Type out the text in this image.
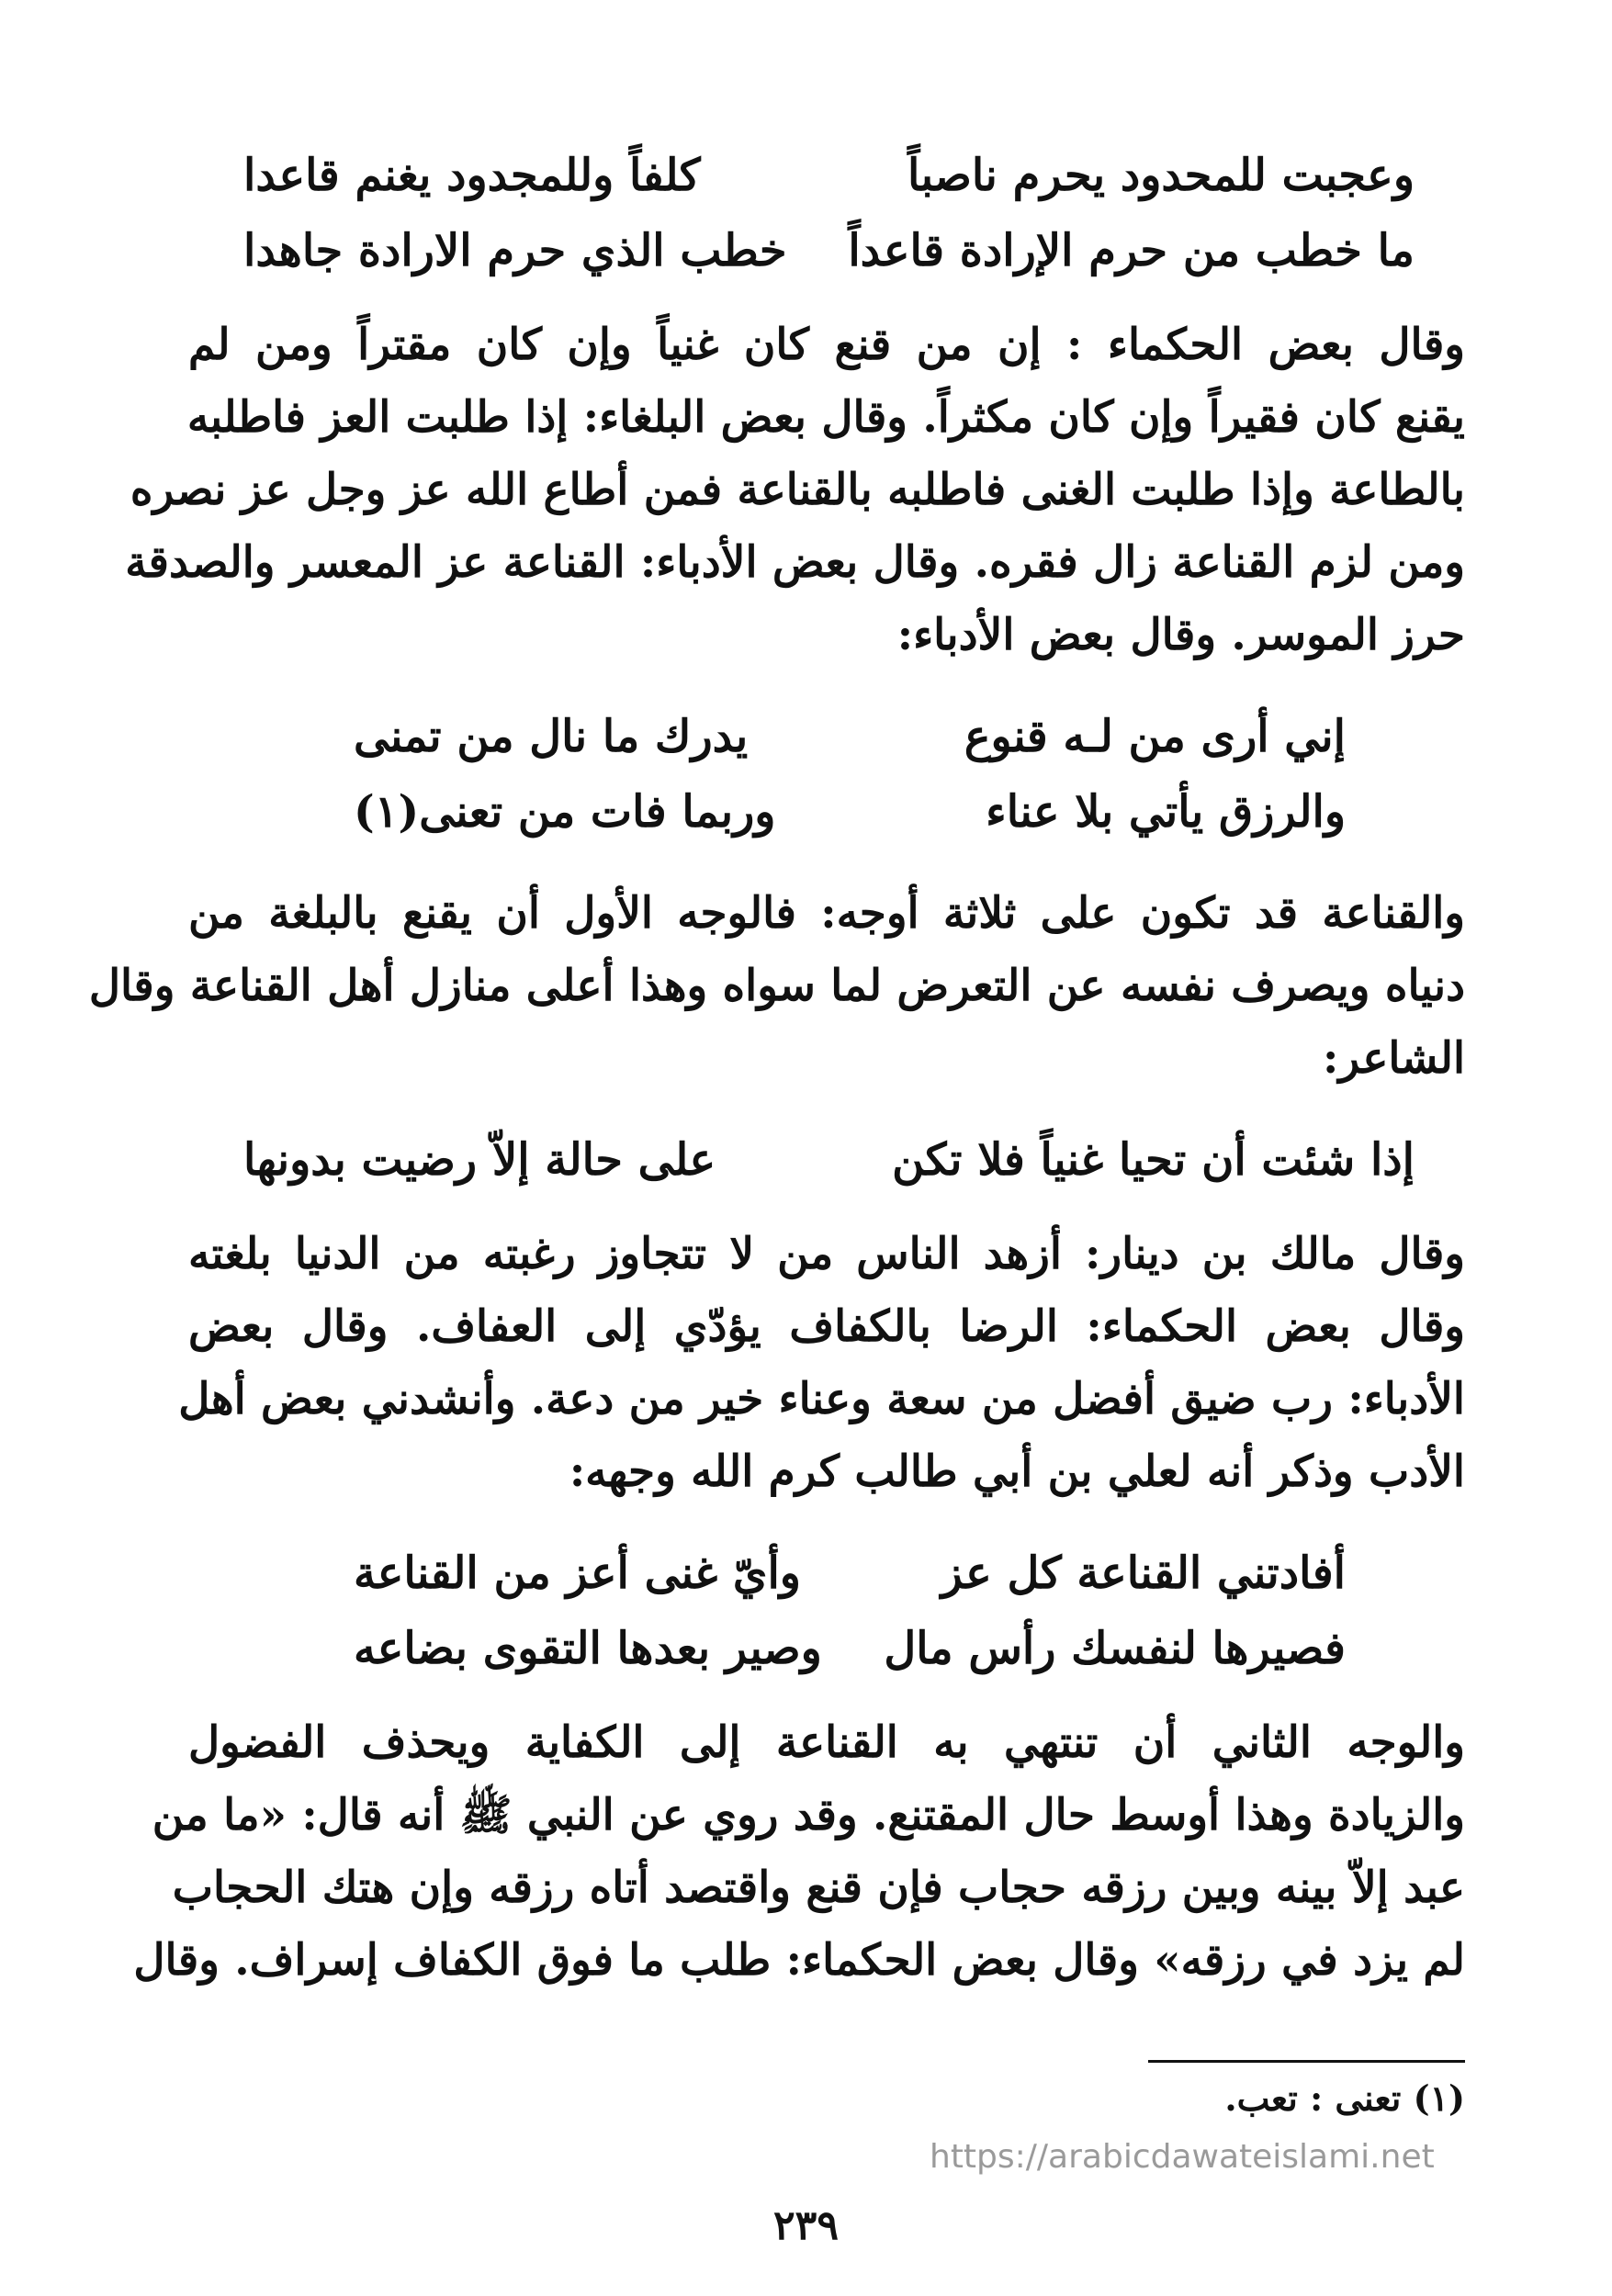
وعجبت للمحدود يحرم ناصباً
كلفاً وللمجدود يغنم قاعدا
ما خطب من حرم الإرادة قاعداً
خطب الذي حرم الارادة جاهدا

وقال بعض الحكماء : إن من قنع كان غنياً وإن كان مقتراً ومن لم
يقنع كان فقيراً وإن كان مكثراً. وقال بعض البلغاء: إذا طلبت العز فاطلبه
بالطاعة وإذا طلبت الغنى فاطلبه بالقناعة فمن أطاع الله عز وجل عز نصره
ومن لزم القناعة زال فقره. وقال بعض الأدباء: القناعة عز المعسر والصدقة
حرز الموسر. وقال بعض الأدباء:

إني أرى من لـه قنوع
يدرك ما نال من تمنى
والرزق يأتي بلا عناء
وربما فات من تعنى(١)

والقناعة قد تكون على ثلاثة أوجه: فالوجه الأول أن يقنع بالبلغة من
دنياه ويصرف نفسه عن التعرض لما سواه وهذا أعلى منازل أهل القناعة وقال
الشاعر:

إذا شئت أن تحيا غنياً فلا تكن
على حالة إلاّ رضيت بدونها

وقال مالك بن دينار: أزهد الناس من لا تتجاوز رغبته من الدنيا بلغته
وقال بعض الحكماء: الرضا بالكفاف يؤدّي إلى العفاف. وقال بعض
الأدباء: رب ضيق أفضل من سعة وعناء خير من دعة. وأنشدني بعض أهل
الأدب وذكر أنه لعلي بن أبي طالب كرم الله وجهه:

أفادتني القناعة كل عز
وأيّ غنى أعز من القناعة
فصيرها لنفسك رأس مال
وصير بعدها التقوى بضاعه

والوجه الثاني أن تنتهي به القناعة إلى الكفاية ويحذف الفضول
والزيادة وهذا أوسط حال المقتنع. وقد روي عن النبي ﷺ أنه قال: «ما من
عبد إلاّ بينه وبين رزقه حجاب فإن قنع واقتصد أتاه رزقه وإن هتك الحجاب
لم يزد في رزقه» وقال بعض الحكماء: طلب ما فوق الكفاف إسراف. وقال

(١) تعنى : تعب.
https://arabicdawateislami.net
٢٣٩
